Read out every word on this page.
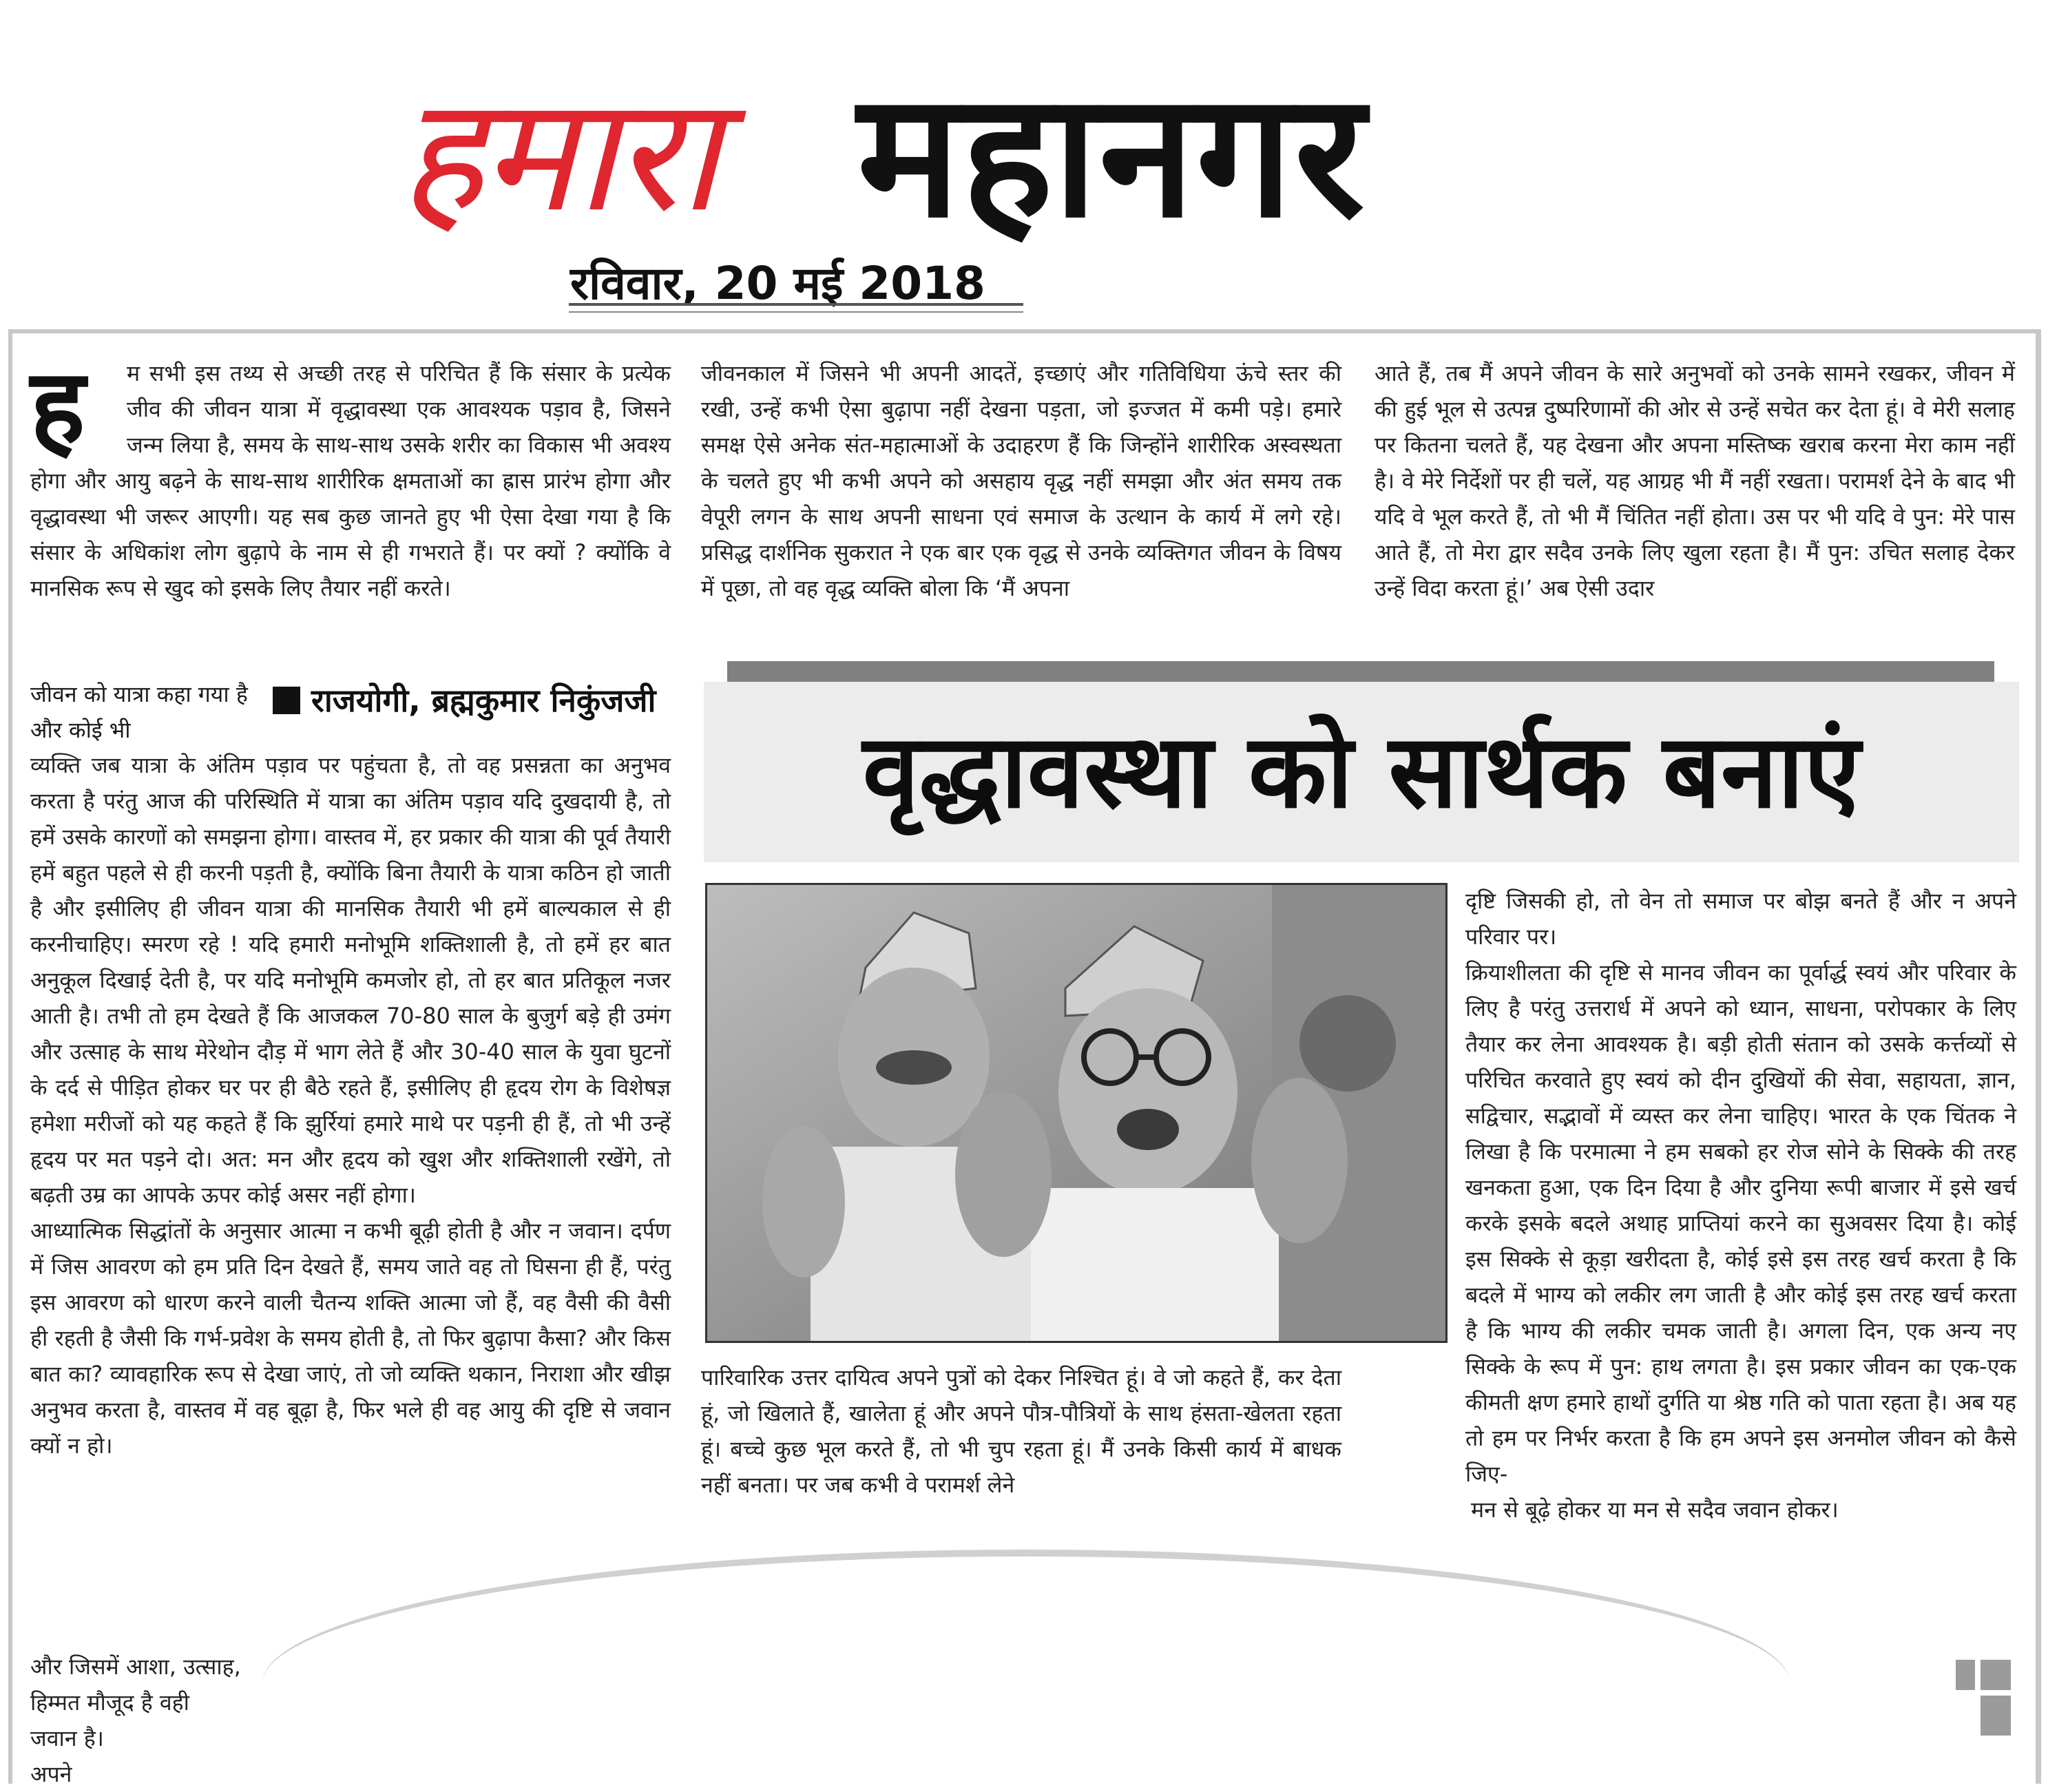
हमारा महानगर
रविवार, 20 मई 2018
ह	म सभी इस तथ्य से अच्छी तरह से परिचित हैं कि संसार के प्रत्येक जीव की जीवन यात्रा में वृद्धावस्था एक आवश्यक पड़ाव है, जिसने जन्म लिया है, समय के साथ-साथ उसके शरीर का विकास भी अवश्य होगा और आयु बढ़ने के साथ-साथ शारीरिक क्षमताओं का ह्रास प्रारंभ होगा और वृद्धावस्था भी जरूर आएगी। यह सब कुछ जानते हुए भी ऐसा देखा गया है कि संसार के अधिकांश लोग बुढ़ापे के नाम से ही गभराते हैं। पर क्यों ? क्योंकि वे मानसिक रूप से खुद को इसके लिए तैयार नहीं करते।

जीवन को यात्रा कहा गया है और कोई भी
राजयोगी, ब्रह्मकुमार निकुंजजी

व्यक्ति जब यात्रा के अंतिम पड़ाव पर पहुंचता है, तो वह प्रसन्नता का अनुभव करता है परंतु आज की परिस्थिति में यात्रा का अंतिम पड़ाव यदि दुखदायी है, तो हमें उसके कारणों को समझना होगा। वास्तव में, हर प्रकार की यात्रा की पूर्व तैयारी हमें बहुत पहले से ही करनी पड़ती है, क्योंकि बिना तैयारी के यात्रा कठिन हो जाती है और इसीलिए ही जीवन यात्रा की मानसिक तैयारी भी हमें बाल्यकाल से ही करनीचाहिए। स्मरण रहे ! यदि हमारी मनोभूमि शक्तिशाली है, तो हमें हर बात अनुकूल दिखाई देती है, पर यदि मनोभूमि कमजोर हो, तो हर बात प्रतिकूल नजर आती है। तभी तो हम देखते हैं कि आजकल 70-80 साल के बुजुर्ग बड़े ही उमंग और उत्साह के साथ मेरेथोन दौड़ में भाग लेते हैं और 30-40 साल के युवा घुटनों के दर्द से पीड़ित होकर घर पर ही बैठे रहते हैं, इसीलिए ही हृदय रोग के विशेषज्ञ हमेशा मरीजों को यह कहते हैं कि झुर्रियां हमारे माथे पर पड़नी ही हैं, तो भी उन्हें हृदय पर मत पड़ने दो। अत: मन और हृदय को खुश और शक्तिशाली रखेंगे, तो बढ़ती उम्र का आपके ऊपर कोई असर नहीं होगा।

आध्यात्मिक सिद्धांतों के अनुसार आत्मा न कभी बूढ़ी होती है और न जवान। दर्पण में जिस आवरण को हम प्रति दिन देखते हैं, समय जाते वह तो घिसना ही हैं, परंतु इस आवरण को धारण करने वाली चैतन्य शक्ति आत्मा जो हैं, वह वैसी की वैसी ही रहती है जैसी कि गर्भ-प्रवेश के समय होती है, तो फिर बुढ़ापा कैसा? और किस बात का? व्यावहारिक रूप से देखा जाएं, तो जो व्यक्ति थकान, निराशा और खीझ अनुभव करता है, वास्तव में वह बूढ़ा है, फिर भले ही वह आयु की दृष्टि से जवान क्यों न हो।

और जिसमें आशा, उत्साह,
हिम्मत मौजूद है वही
जवान है।
अपने

जीवनकाल में जिसने भी अपनी आदतें, इच्छाएं और गतिविधिया ऊंचे स्तर की रखी, उन्हें कभी ऐसा बुढ़ापा नहीं देखना पड़ता, जो इज्जत में कमी पड़े। हमारे समक्ष ऐसे अनेक संत-महात्माओं के उदाहरण हैं कि जिन्होंने शारीरिक अस्वस्थता के चलते हुए भी कभी अपने को असहाय वृद्ध नहीं समझा और अंत समय तक वेपूरी लगन के साथ अपनी साधना एवं समाज के उत्थान के कार्य में लगे रहे। प्रसिद्ध दार्शनिक सुकरात ने एक बार एक वृद्ध से उनके व्यक्तिगत जीवन के विषय में पूछा, तो वह वृद्ध व्यक्ति बोला कि ‘मैं अपना

आते हैं, तब मैं अपने जीवन के सारे अनुभवों को उनके सामने रखकर, जीवन में की हुई भूल से उत्पन्न दुष्परिणामों की ओर से उन्हें सचेत कर देता हूं। वे मेरी सलाह पर कितना चलते हैं, यह देखना और अपना मस्तिष्क खराब करना मेरा काम नहीं है। वे मेरे निर्देशों पर ही चलें, यह आग्रह भी मैं नहीं रखता। परामर्श देने के बाद भी यदि वे भूल करते हैं, तो भी मैं चिंतित नहीं होता। उस पर भी यदि वे पुन: मेरे पास आते हैं, तो मेरा द्वार सदैव उनके लिए खुला रहता है। मैं पुन: उचित सलाह देकर उन्हें विदा करता हूं।’ अब ऐसी उदार

वृद्धावस्था को सार्थक बनाएं

पारिवारिक उत्तर दायित्व अपने पुत्रों को देकर निश्चित हूं। वे जो कहते हैं, कर देता हूं, जो खिलाते हैं, खालेता हूं और अपने पौत्र-पौत्रियों के साथ हंसता-खेलता रहता हूं। बच्चे कुछ भूल करते हैं, तो भी चुप रहता हूं। मैं उनके किसी कार्य में बाधक नहीं बनता। पर जब कभी वे परामर्श लेने

दृष्टि जिसकी हो, तो वेन तो समाज पर बोझ बनते हैं और न अपने परिवार पर।

क्रियाशीलता की दृष्टि से मानव जीवन का पूर्वार्द्ध स्वयं और परिवार के लिए है परंतु उत्तरार्ध में अपने को ध्यान, साधना, परोपकार के लिए तैयार कर लेना आवश्यक है। बड़ी होती संतान को उसके कर्त्तव्यों से परिचित करवाते हुए स्वयं को दीन दुखियों की सेवा, सहायता, ज्ञान, सद्विचार, सद्भावों में व्यस्त कर लेना चाहिए। भारत के एक चिंतक ने लिखा है कि परमात्मा ने हम सबको हर रोज सोने के सिक्के की तरह खनकता हुआ, एक दिन दिया है और दुनिया रूपी बाजार में इसे खर्च करके इसके बदले अथाह प्राप्तियां करने का सुअवसर दिया है। कोई इस सिक्के से कूड़ा खरीदता है, कोई इसे इस तरह खर्च करता है कि बदले में भाग्य को लकीर लग जाती है और कोई इस तरह खर्च करता है कि भाग्य की लकीर चमक जाती है। अगला दिन, एक अन्य नए सिक्के के रूप में पुन: हाथ लगता है। इस प्रकार जीवन का एक-एक कीमती क्षण हमारे हाथों दुर्गति या श्रेष्ठ गति को पाता रहता है। अब यह तो हम पर निर्भर करता है कि हम अपने इस अनमोल जीवन को कैसे जिए-

मन से बूढ़े होकर या मन से सदैव जवान होकर।
